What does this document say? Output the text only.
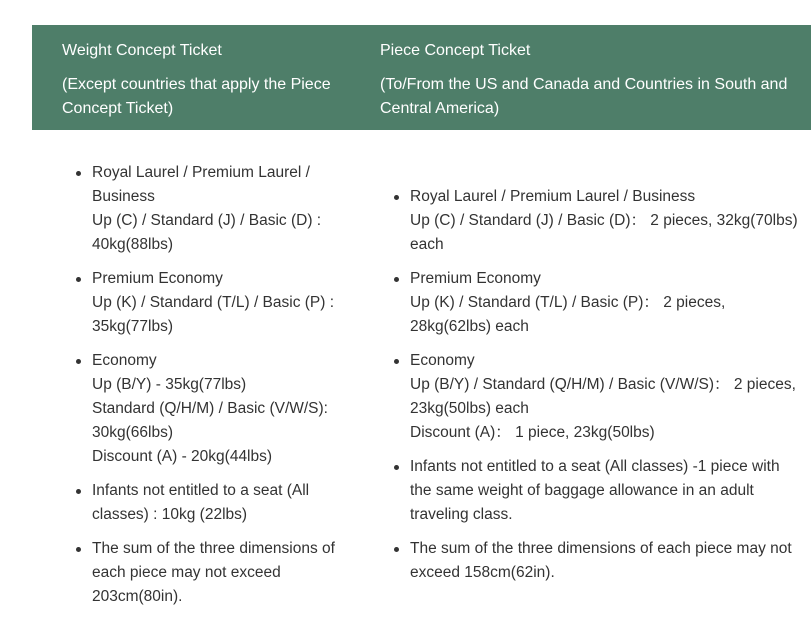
Weight Concept Ticket
(Except countries that apply the Piece Concept Ticket)
Piece Concept Ticket
(To/From the US and Canada and Countries in South and Central America)
Royal Laurel / Premium Laurel / Business
Up (C) / Standard (J) / Basic (D) : 40kg(88lbs)
Premium Economy
Up (K) / Standard (T/L) / Basic (P) : 35kg(77lbs)
Economy
Up (B/Y) - 35kg(77lbs)
Standard (Q/H/M) / Basic (V/W/S): 30kg(66lbs)
Discount (A) - 20kg(44lbs)
Infants not entitled to a seat (All classes) : 10kg (22lbs)
The sum of the three dimensions of each piece may not exceed 203cm(80in).
Royal Laurel / Premium Laurel / Business
Up (C) / Standard (J) / Basic (D)： 2 pieces, 32kg(70lbs) each
Premium Economy
Up (K) / Standard (T/L) / Basic (P)： 2 pieces, 28kg(62lbs) each
Economy
Up (B/Y) / Standard (Q/H/M) / Basic (V/W/S)： 2 pieces, 23kg(50lbs) each
Discount (A)： 1 piece, 23kg(50lbs)
Infants not entitled to a seat (All classes) -1 piece with the same weight of baggage allowance in an adult traveling class.
The sum of the three dimensions of each piece may not exceed 158cm(62in).
